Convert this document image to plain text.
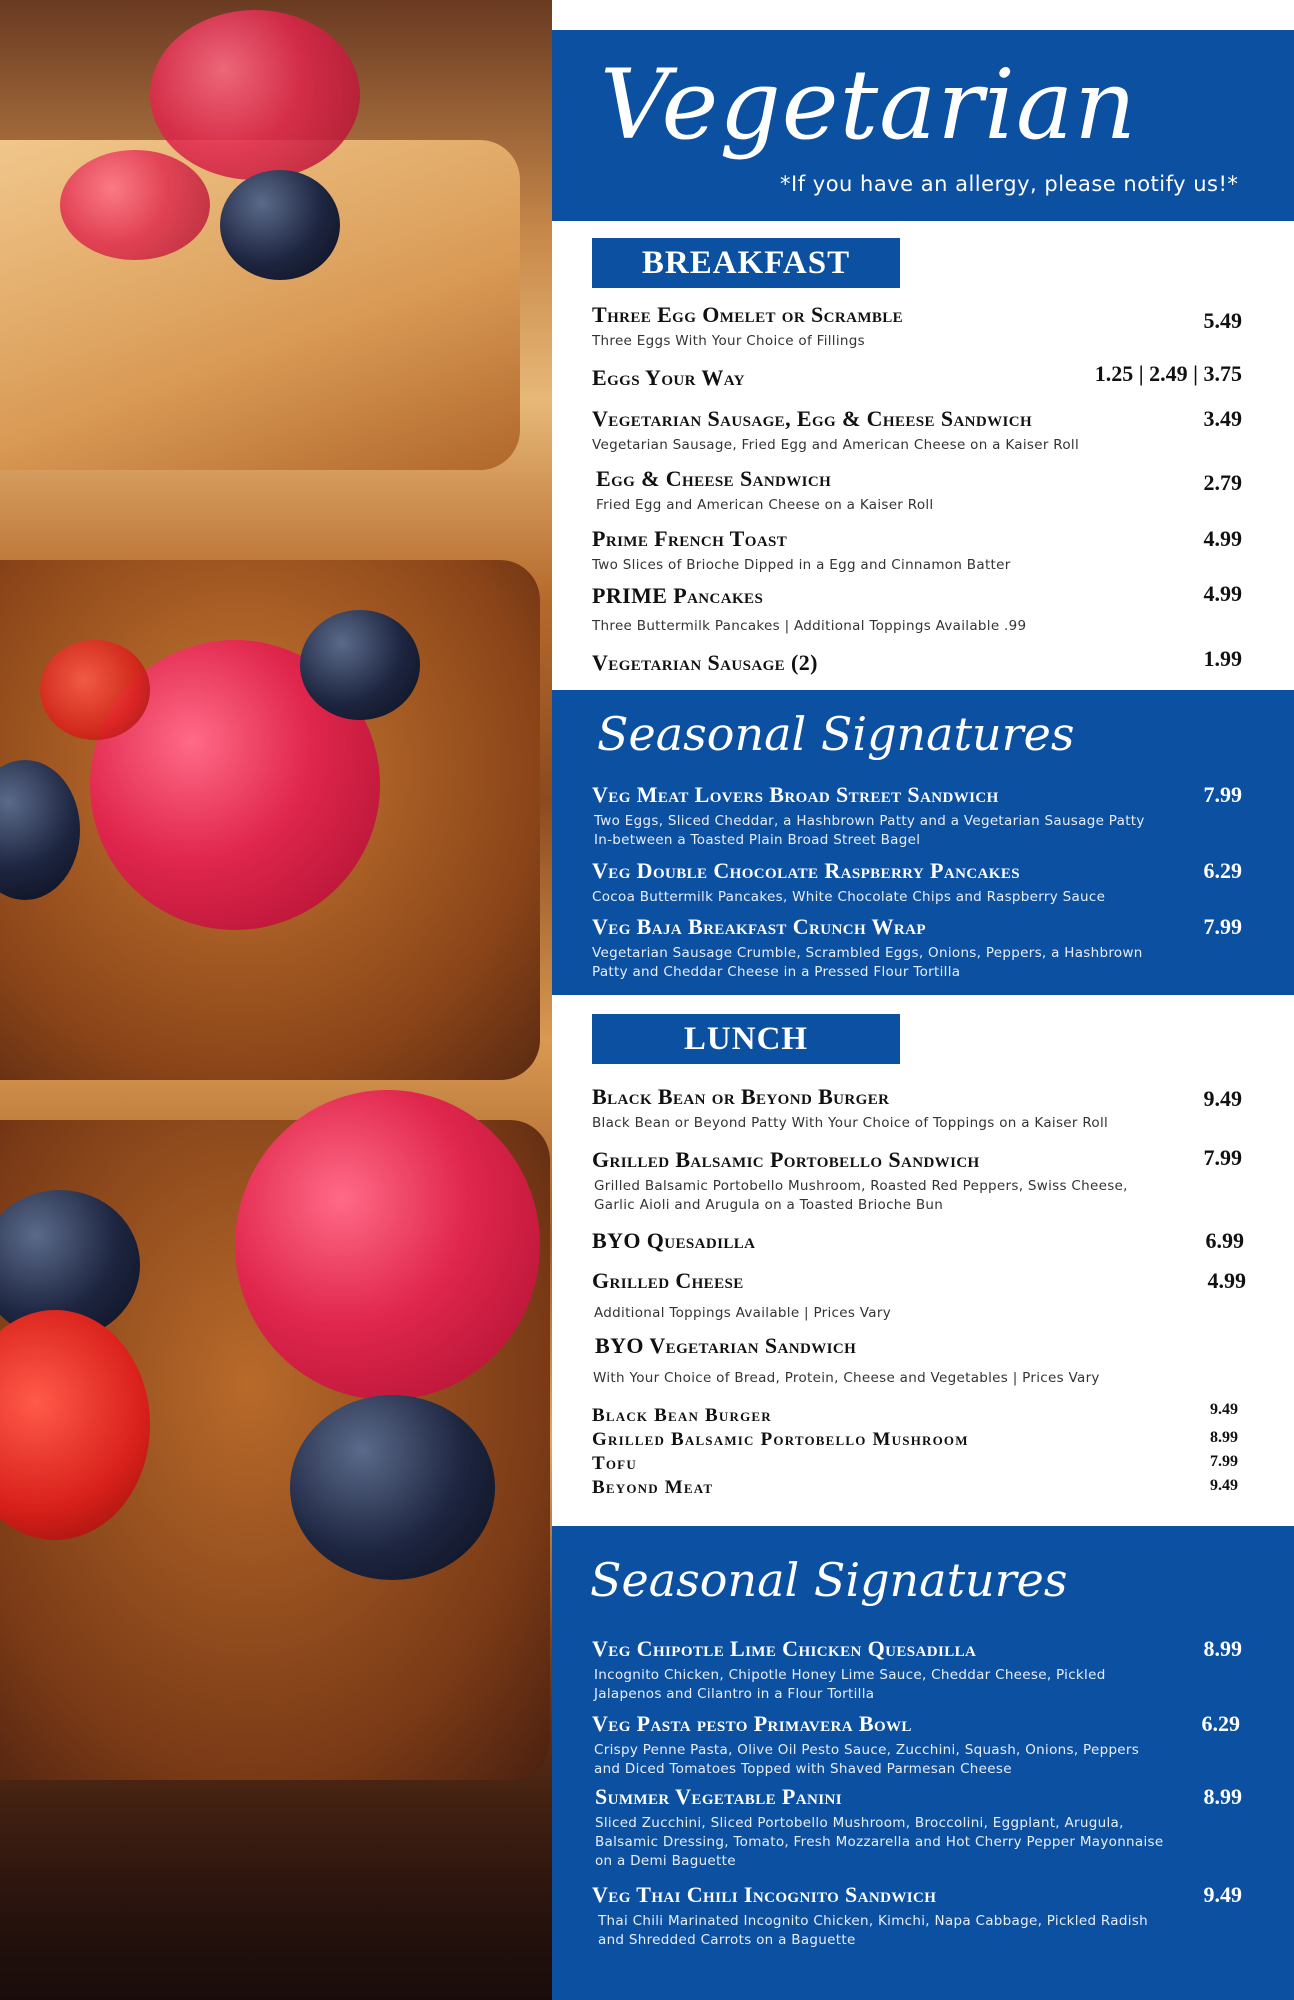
Vegetarian
*If you have an allergy, please notify us!*
BREAKFAST
Three Egg Omelet or Scramble
Three Eggs With Your Choice of Fillings
5.49
Eggs Your Way	1.25 | 2.49 | 3.75
Vegetarian Sausage, Egg & Cheese Sandwich
Vegetarian Sausage, Fried Egg and American Cheese on a Kaiser Roll
3.49
Egg & Cheese Sandwich
Fried Egg and American Cheese on a Kaiser Roll
2.79
Prime French Toast
Two Slices of Brioche Dipped in a Egg and Cinnamon Batter
4.99
PRIME Pancakes
Three Buttermilk Pancakes | Additional Toppings Available .99
4.99
Vegetarian Sausage (2)	1.99
Seasonal Signatures
Veg Meat Lovers Broad Street Sandwich
Two Eggs, Sliced Cheddar, a Hashbrown Patty and a Vegetarian Sausage Patty In-between a Toasted Plain Broad Street Bagel
7.99
Veg Double Chocolate Raspberry Pancakes
Cocoa Buttermilk Pancakes, White Chocolate Chips and Raspberry Sauce
6.29
Veg Baja Breakfast Crunch Wrap
Vegetarian Sausage Crumble, Scrambled Eggs, Onions, Peppers, a Hashbrown Patty and Cheddar Cheese in a Pressed Flour Tortilla
7.99
LUNCH
Black Bean or Beyond Burger
Black Bean or Beyond Patty With Your Choice of Toppings on a Kaiser Roll
9.49
Grilled Balsamic Portobello Sandwich
Grilled Balsamic Portobello Mushroom, Roasted Red Peppers, Swiss Cheese, Garlic Aioli and Arugula on a Toasted Brioche Bun
7.99
BYO Quesadilla	6.99
Grilled Cheese
Additional Toppings Available | Prices Vary
4.99
BYO Vegetarian Sandwich
With Your Choice of Bread, Protein, Cheese and Vegetables | Prices Vary
Black Bean Burger	9.49
Grilled Balsamic Portobello Mushroom	8.99
Tofu	7.99
Beyond Meat	9.49
Seasonal Signatures
Veg Chipotle Lime Chicken Quesadilla
Incognito Chicken, Chipotle Honey Lime Sauce, Cheddar Cheese, Pickled Jalapenos and Cilantro in a Flour Tortilla
8.99
Veg Pasta pesto Primavera Bowl
Crispy Penne Pasta, Olive Oil Pesto Sauce, Zucchini, Squash, Onions, Peppers and Diced Tomatoes Topped with Shaved Parmesan Cheese
6.29
Summer Vegetable Panini
Sliced Zucchini, Sliced Portobello Mushroom, Broccolini, Eggplant, Arugula, Balsamic Dressing, Tomato, Fresh Mozzarella and Hot Cherry Pepper Mayonnaise on a Demi Baguette
8.99
Veg Thai Chili Incognito Sandwich
Thai Chili Marinated Incognito Chicken, Kimchi, Napa Cabbage, Pickled Radish and Shredded Carrots on a Baguette
9.49
